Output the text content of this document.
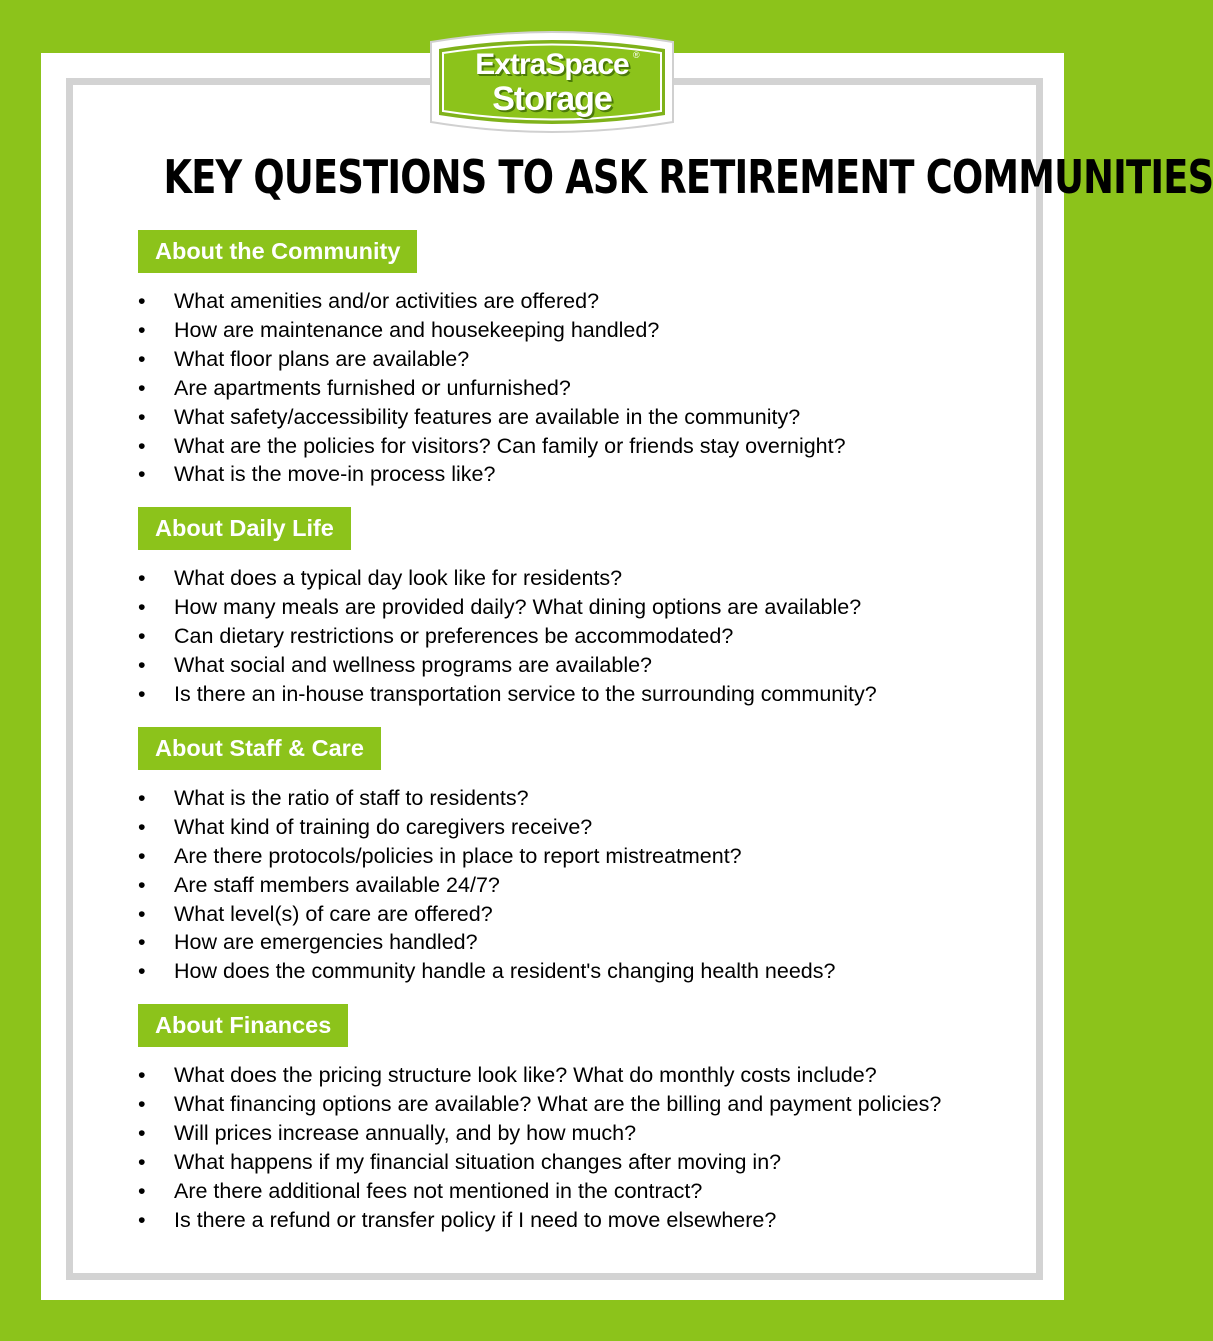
ExtraSpace
Storage
®
KEY QUESTIONS TO ASK RETIREMENT COMMUNITIES
About the Community
• What amenities and/or activities are offered?
• How are maintenance and housekeeping handled?
• What floor plans are available?
• Are apartments furnished or unfurnished?
• What safety/accessibility features are available in the community?
• What are the policies for visitors? Can family or friends stay overnight?
• What is the move-in process like?
About Daily Life
• What does a typical day look like for residents?
• How many meals are provided daily? What dining options are available?
• Can dietary restrictions or preferences be accommodated?
• What social and wellness programs are available?
• Is there an in-house transportation service to the surrounding community?
About Staff & Care
• What is the ratio of staff to residents?
• What kind of training do caregivers receive?
• Are there protocols/policies in place to report mistreatment?
• Are staff members available 24/7?
• What level(s) of care are offered?
• How are emergencies handled?
• How does the community handle a resident's changing health needs?
About Finances
• What does the pricing structure look like? What do monthly costs include?
• What financing options are available? What are the billing and payment policies?
• Will prices increase annually, and by how much?
• What happens if my financial situation changes after moving in?
• Are there additional fees not mentioned in the contract?
• Is there a refund or transfer policy if I need to move elsewhere?
